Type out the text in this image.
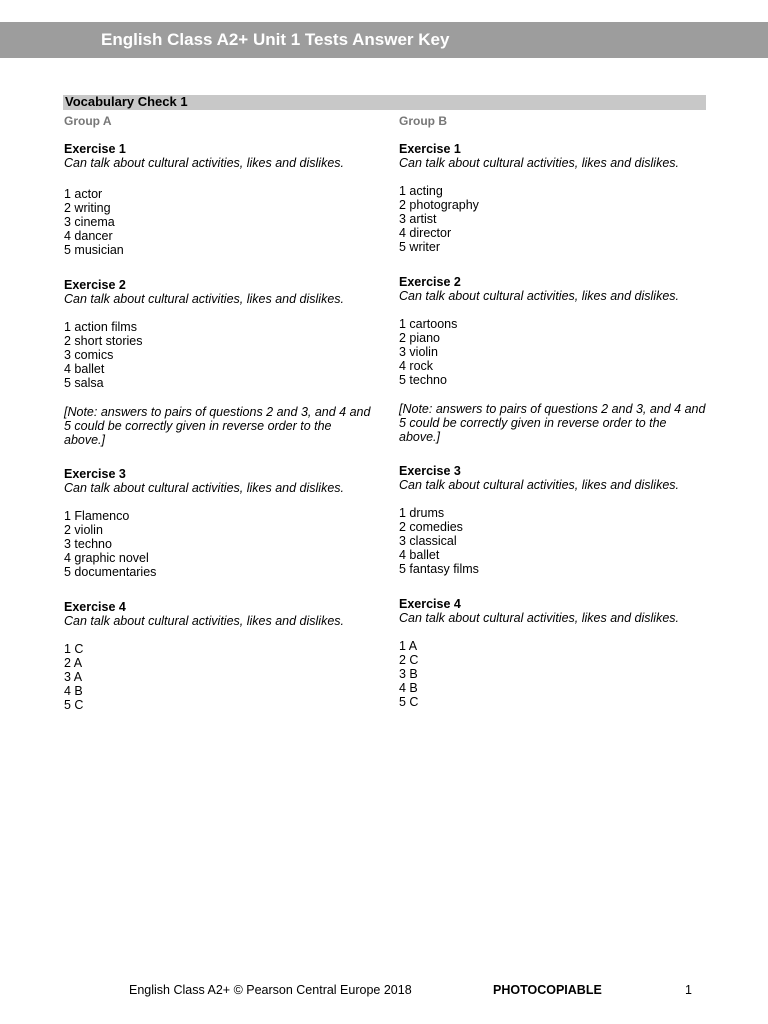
English Class A2+ Unit 1 Tests Answer Key
Vocabulary Check 1

Group A

Exercise 1
Can talk about cultural activities, likes and dislikes.
1 actor
2 writing
3 cinema
4 dancer
5 musician
Exercise 2
Can talk about cultural activities, likes and dislikes.
1 action films
2 short stories
3 comics
4 ballet
5 salsa

[Note: answers to pairs of questions 2 and 3, and 4 and 5 could be correctly given in reverse order to the above.]

Exercise 3
Can talk about cultural activities, likes and dislikes.
1 Flamenco
2 violin
3 techno
4 graphic novel
5 documentaries
Exercise 4
Can talk about cultural activities, likes and dislikes.
1 C
2 A
3 A
4 B
5 C

Group B

Exercise 1
Can talk about cultural activities, likes and dislikes.
1 acting
2 photography
3 artist
4 director
5 writer
Exercise 2
Can talk about cultural activities, likes and dislikes.
1 cartoons
2 piano
3 violin
4 rock
5 techno

[Note: answers to pairs of questions 2 and 3, and 4 and 5 could be correctly given in reverse order to the above.]

Exercise 3
Can talk about cultural activities, likes and dislikes.
1 drums
2 comedies
3 classical
4 ballet
5 fantasy films
Exercise 4
Can talk about cultural activities, likes and dislikes.
1 A
2 C
3 B
4 B
5 C
English Class A2+ © Pearson Central Europe 2018	PHOTOCOPIABLE	1
